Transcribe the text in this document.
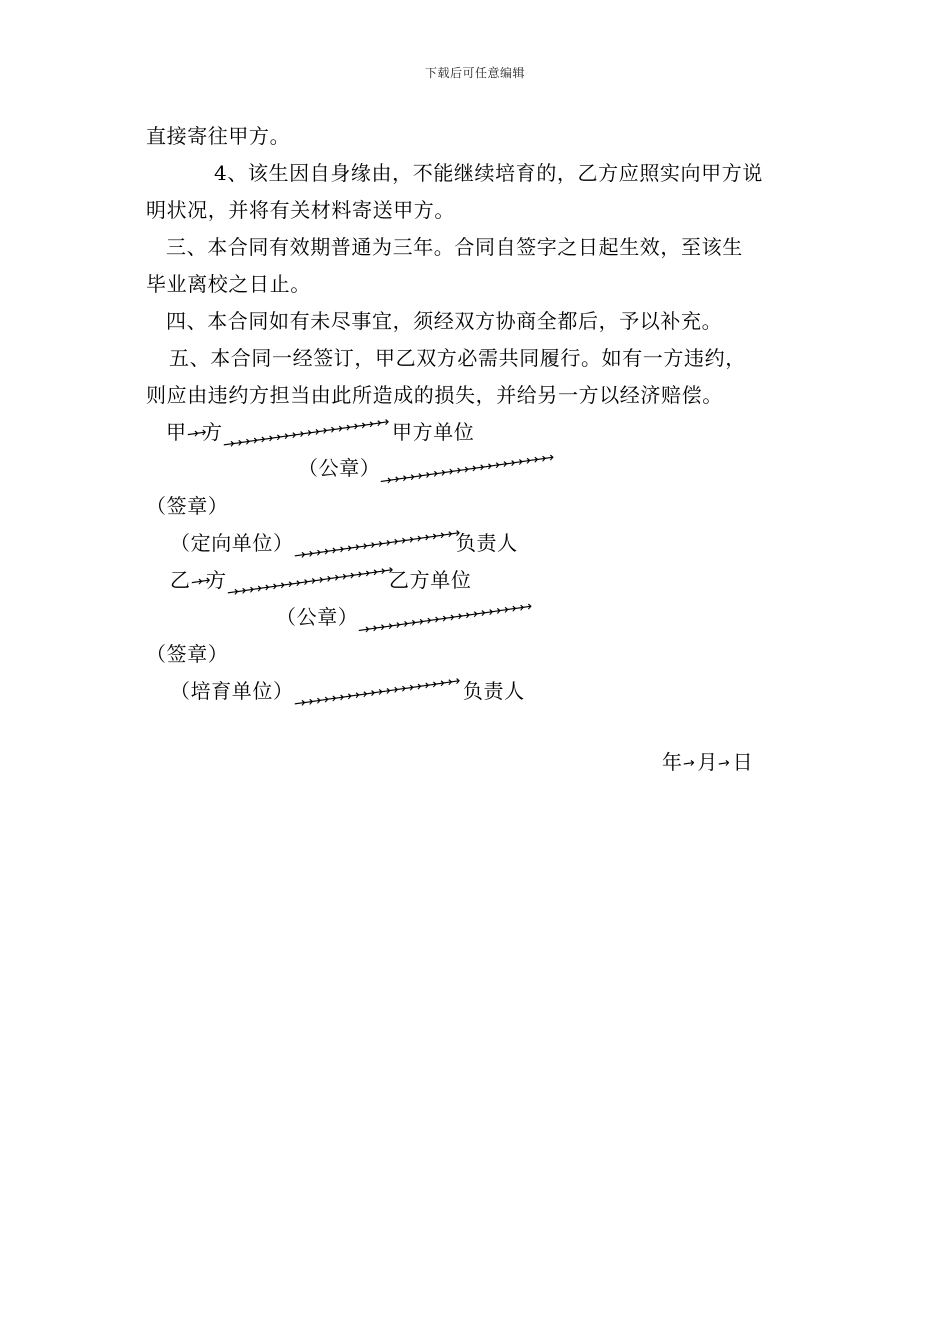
下载后可任意编辑
直接寄往甲方。
4、该生因自身缘由，不能继续培育的，乙方应照实向甲方说
明状况，并将有关材料寄送甲方。
三、本合同有效期普通为三年。合同自签字之日起生效，至该生
毕业离校之日止。
四、本合同如有未尽事宜，须经双方协商全都后，予以补充。
五、本合同一经签订，甲乙双方必需共同履行。如有一方违约，
则应由违约方担当由此所造成的损失，并给另一方以经济赔偿。
甲→→方→→→→→→→→→→→→→→→→→→→→→ 甲方单位
（公章）→→→→→→→→→→→→→→→→→→→→→→
（签章）
（定向单位）→→→→→→→→→→→→→→→→→→→→→负责人
乙→→方→→→→→→→→→→→→→→→→→→→→→乙方单位
（公章）→→→→→→→→→→→→→→→→→→→→→→
（签章）
（培育单位）→→→→→→→→→→→→→→→→→→→→→ 负责人
年→ 月→ 日
